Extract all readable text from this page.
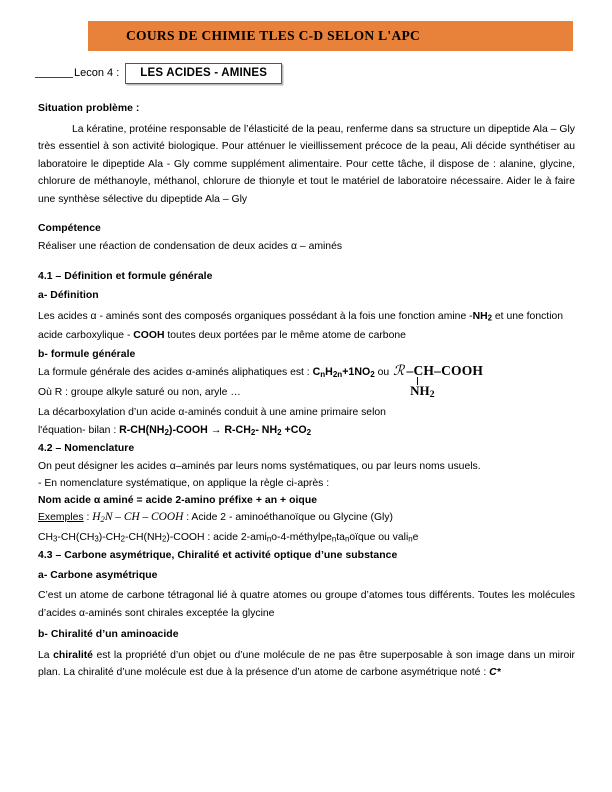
COURS DE CHIMIE TLES C-D SELON L'APC
Lecon 4 :	LES ACIDES - AMINES
Situation problème :

La kératine, protéine responsable de l’élasticité de la peau, renferme dans sa structure un dipeptide Ala – Gly très essentiel à son activité biologique. Pour atténuer le vieillissement précoce de la peau, Ali décide synthétiser au laboratoire le dipeptide Ala - Gly comme supplément alimentaire. Pour cette tâche, il dispose de : alanine, glycine, chlorure de méthanoyle, méthanol, chlorure de thionyle et tout le matériel de laboratoire nécessaire. Aider le à faire une synthèse sélective du dipeptide Ala – Gly

Compétence

Réaliser une réaction de condensation de deux acides α – aminés

4.1 – Définition et formule générale
a- Définition

Les acides α - aminés sont des composés organiques possédant à la fois une fonction amine $-NH_2$ et une fonction acide carboxylique - COOH toutes deux portées par le même atome de carbone

b- formule générale

La formule générale des acides α-aminés aliphatiques est : $C_nH_{2n}+1NO_2$ ou ℛ –CH–COOH
$NH_2$

Où R : groupe alkyle saturé ou non, aryle …

La décarboxylation d’un acide α-aminés conduit à une amine primaire selon

l'équation- bilan : $R-CH(NH_2)$-COOH → $R-CH_2-$ $NH_2 +CO_2$

4.2 – Nomenclature

On peut désigner les acides α–aminés par leurs noms systématiques, ou par leurs noms usuels.

- En nomenclature systématique, on applique la règle ci-après :

Nom acide α aminé = acide 2-amino préfixe + an + oique

Exemples : $H_2N$ – CH – COOH : Acide 2 - aminoéthanoïque ou Glycine (Gly)

$CH_3-CH(CH_3)-CH_2-CH(NH_2)$-COOH : acide $2-ami_no-4-méthylpe_nta_noïque$ ou vali$_n$e

4.3 – Carbone asymétrique, Chiralité et activité optique d’une substance
a- Carbone asymétrique

C’est un atome de carbone tétragonal lié à quatre atomes ou groupe d’atomes tous différents. Toutes les molécules d’acides α-aminés sont chirales exceptée la glycine

b- Chiralité d’un aminoacide

La chiralité est la propriété d’un objet ou d’une molécule de ne pas être superposable à son image dans un miroir plan. La chiralité d’une molécule est due à la présence d’un atome de carbone asymétrique noté : C*
